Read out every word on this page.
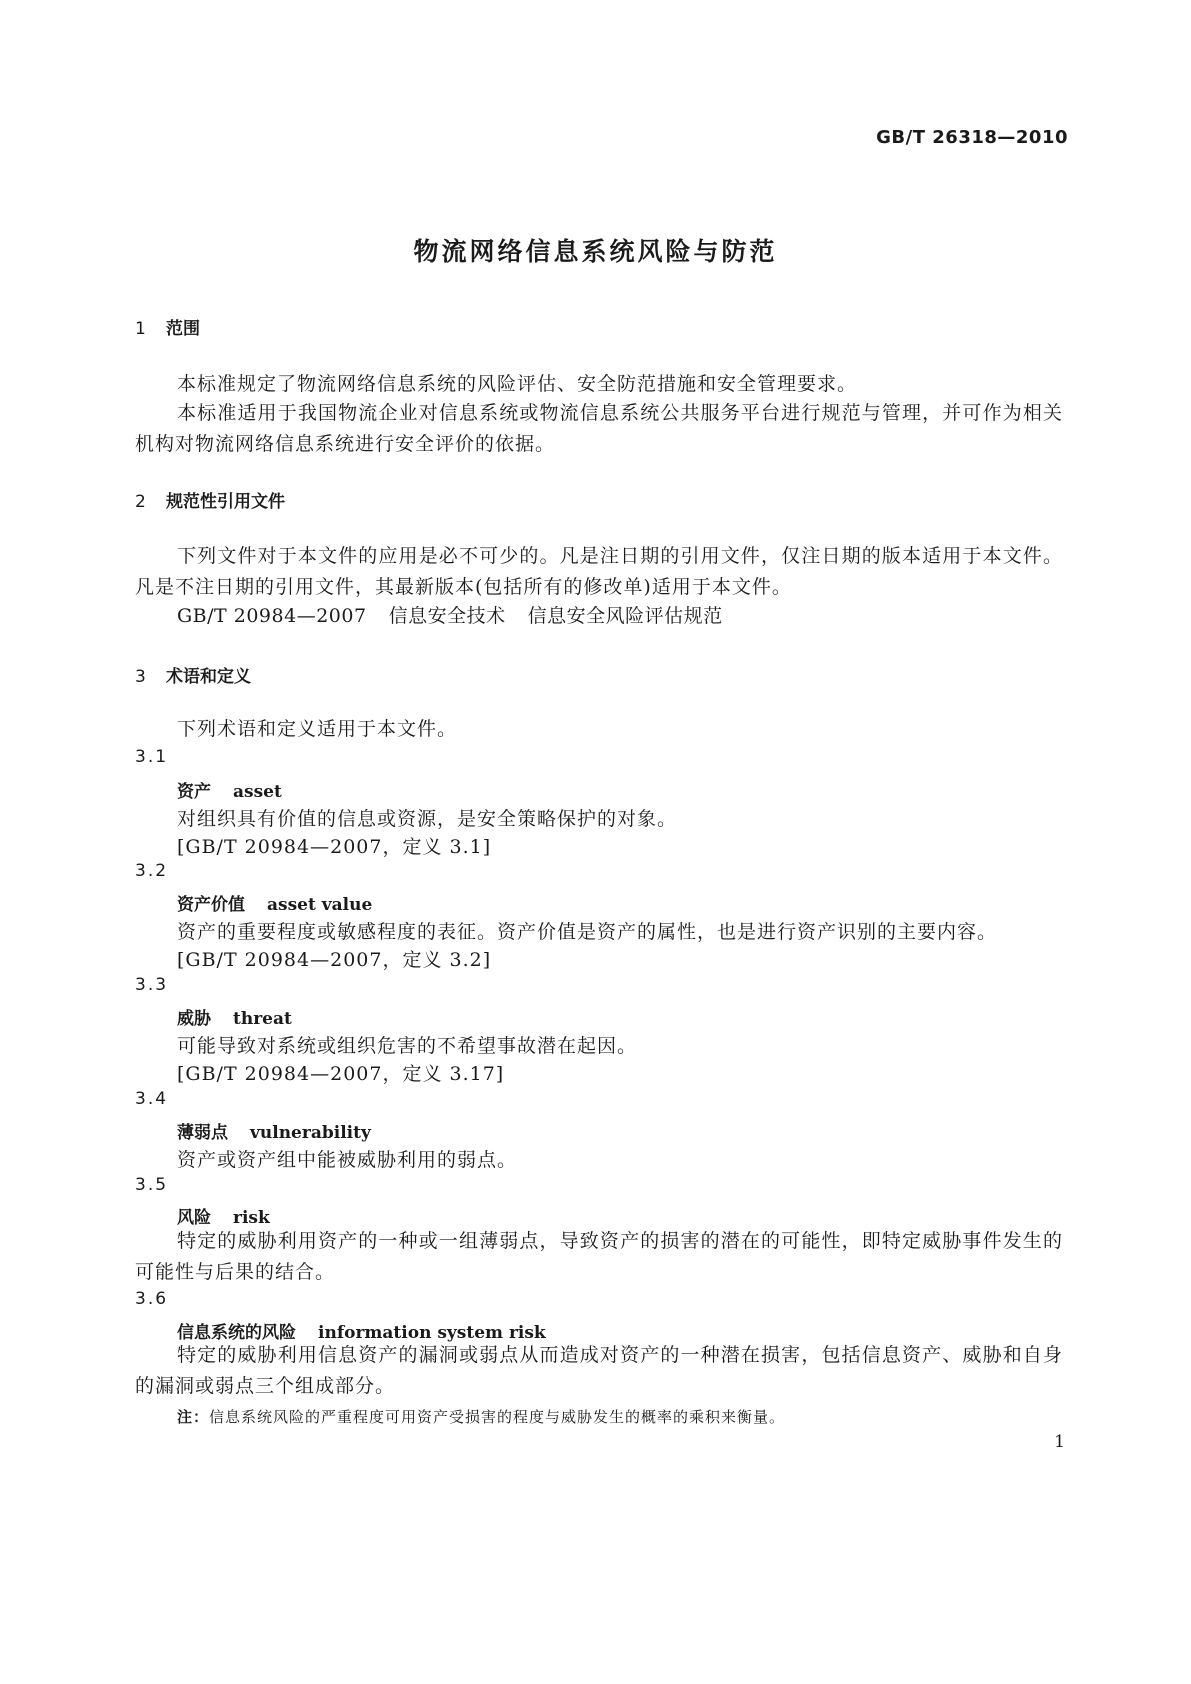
GB/T 26318—2010
物流网络信息系统风险与防范
1 范围
本标准规定了物流网络信息系统的风险评估、安全防范措施和安全管理要求。
本标准适用于我国物流企业对信息系统或物流信息系统公共服务平台进行规范与管理，并可作为相关机构对物流网络信息系统进行安全评价的依据。
2 规范性引用文件
下列文件对于本文件的应用是必不可少的。凡是注日期的引用文件，仅注日期的版本适用于本文件。凡是不注日期的引用文件，其最新版本(包括所有的修改单)适用于本文件。
GB/T 20984—2007 信息安全技术 信息安全风险评估规范
3 术语和定义
下列术语和定义适用于本文件。
3.1
资产 asset
对组织具有价值的信息或资源，是安全策略保护的对象。
[GB/T 20984—2007，定义 3.1]
3.2
资产价值 asset value
资产的重要程度或敏感程度的表征。资产价值是资产的属性，也是进行资产识别的主要内容。
[GB/T 20984—2007，定义 3.2]
3.3
威胁 threat
可能导致对系统或组织危害的不希望事故潜在起因。
[GB/T 20984—2007，定义 3.17]
3.4
薄弱点 vulnerability
资产或资产组中能被威胁利用的弱点。
3.5
风险 risk
特定的威胁利用资产的一种或一组薄弱点，导致资产的损害的潜在的可能性，即特定威胁事件发生的可能性与后果的结合。
3.6
信息系统的风险 information system risk
特定的威胁利用信息资产的漏洞或弱点从而造成对资产的一种潜在损害，包括信息资产、威胁和自身的漏洞或弱点三个组成部分。
注：信息系统风险的严重程度可用资产受损害的程度与威胁发生的概率的乘积来衡量。
1
